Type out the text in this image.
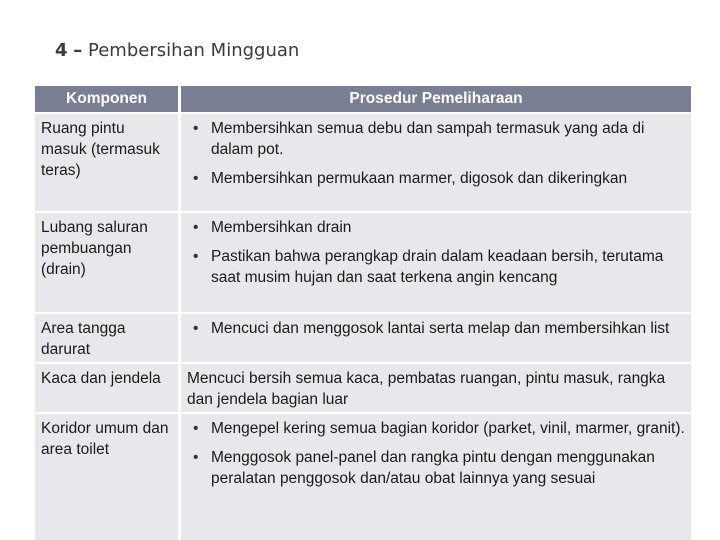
4 – Pembersihan Mingguan
Komponen	Prosedur Pemeliharaan
Ruang pintu masuk (termasuk teras)
• Membersihkan semua debu dan sampah termasuk yang ada di dalam pot.
• Membersihkan permukaan marmer, digosok dan dikeringkan
Lubang saluran pembuangan (drain)
• Membersihkan drain
• Pastikan bahwa perangkap drain dalam keadaan bersih, terutama saat musim hujan dan saat terkena angin kencang
Area tangga darurat
• Mencuci dan menggosok lantai serta melap dan membersihkan list
Kaca dan jendela	Mencuci bersih semua kaca, pembatas ruangan, pintu masuk, rangka dan jendela bagian luar
Koridor umum dan area toilet
• Mengepel kering semua bagian koridor (parket, vinil, marmer, granit).
• Menggosok panel-panel dan rangka pintu dengan menggunakan peralatan penggosok dan/atau obat lainnya yang sesuai
